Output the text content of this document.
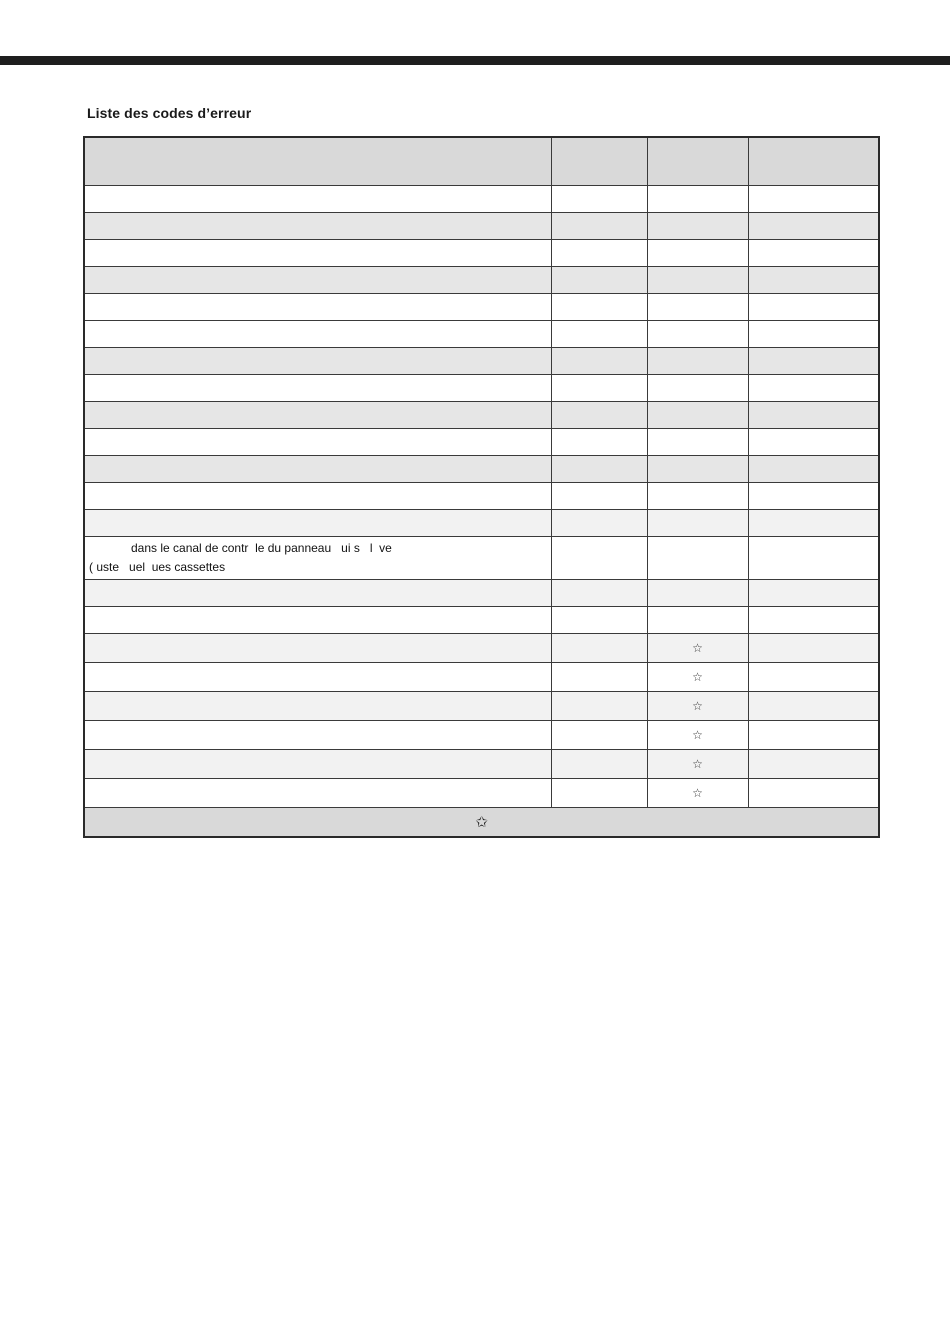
Liste des codes d’erreur

dans le canal de contr  le du panneau   ui s   l  ve
( uste   uel  ues cassettes			

		☆	
		☆	
		☆	
		☆	
		☆	
		☆	
✩			
